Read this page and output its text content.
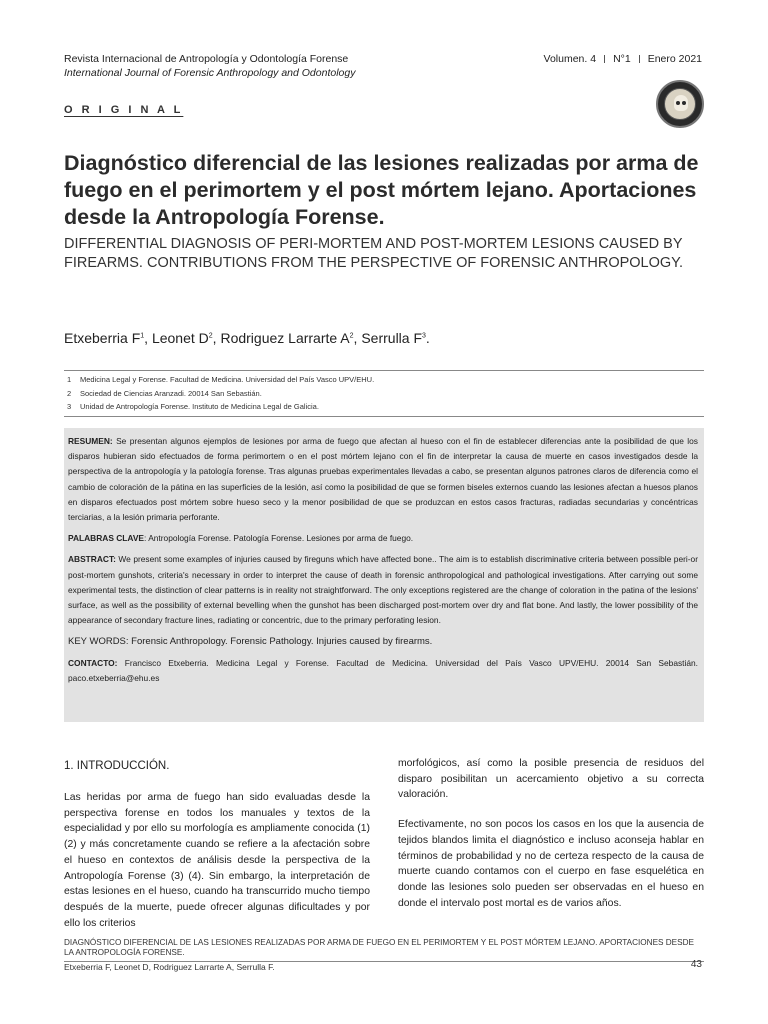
Revista Internacional de Antropología y Odontología Forense
International Journal of Forensic Anthropology and Odontology
Volumen. 4 N°1 Enero 2021
O R I G I N A L
Diagnóstico diferencial de las lesiones realizadas por arma de fuego en el perimortem y el post mórtem lejano. Aportaciones desde la Antropología Forense.
DIFFERENTIAL DIAGNOSIS OF PERI-MORTEM AND POST-MORTEM LESIONS CAUSED BY FIREARMS. CONTRIBUTIONS FROM THE PERSPECTIVE OF FORENSIC ANTHROPOLOGY.
Etxeberria $F^1$, Leonet $D^2$, Rodriguez Larrarte $A^2$, Serrulla $F^3$.
1	Medicina Legal y Forense. Facultad de Medicina. Universidad del País Vasco UPV/EHU.
2	Sociedad de Ciencias Aranzadi. 20014 San Sebastián.
3	Unidad de Antropología Forense. Instituto de Medicina Legal de Galicia.

RESUMEN: Se presentan algunos ejemplos de lesiones por arma de fuego que afectan al hueso con el fin de establecer diferencias ante la posibilidad de que los disparos hubieran sido efectuados de forma perimortem o en el post mórtem lejano con el fin de interpretar la causa de muerte en casos investigados desde la perspectiva de la antropología y la patología forense. Tras algunas pruebas experimentales llevadas a cabo, se presentan algunos patrones claros de diferencia como el cambio de coloración de la pátina en las superficies de la lesión, así como la posibilidad de que se formen biseles externos cuando las lesiones afectan a huesos planos en disparos efectuados post mórtem sobre hueso seco y la menor posibilidad de que se produzcan en estos casos fracturas, radiadas secundarias y concéntricas terciarias, a la lesión primaria perforante.

PALABRAS CLAVE: Antropología Forense. Patología Forense. Lesiones por arma de fuego.

ABSTRACT: We present some examples of injuries caused by fireguns which have affected bone.. The aim is to establish discriminative criteria between possible peri-or post-mortem gunshots, criteria's necessary in order to interpret the cause of death in forensic anthropological and pathological investigations. After carrying out some experimental tests, the distinction of clear patterns is in reality not straightforward. The only exceptions registered are the change of coloration in the patina of the lesions' surface, as well as the possibility of external bevelling when the gunshot has been discharged post-mortem over dry and flat bone. And lastly, the lower possibility of the appearance of secondary fracture lines, radiating or concentric, due to the primary perforating lesion.

KEY WORDS: Forensic Anthropology. Forensic Pathology. Injuries caused by firearms.

CONTACTO: Francisco Etxeberria. Medicina Legal y Forense. Facultad de Medicina. Universidad del País Vasco UPV/EHU. 20014 San Sebastián. paco.etxeberria@ehu.es

1. INTRODUCCIÓN.

Las heridas por arma de fuego han sido evaluadas desde la perspectiva forense en todos los manuales y textos de la especialidad y por ello su morfología es ampliamente conocida (1) (2) y más concretamente cuando se refiere a la afectación sobre el hueso en contextos de análisis desde la perspectiva de la Antropología Forense (3) (4). Sin embargo, la interpretación de estas lesiones en el hueso, cuando ha transcurrido mucho tiempo después de la muerte, puede ofrecer algunas dificultades y por ello los criterios

morfológicos, así como la posible presencia de residuos del disparo posibilitan un acercamiento objetivo a su correcta valoración.

Efectivamente, no son pocos los casos en los que la ausencia de tejidos blandos limita el diagnóstico e incluso aconseja hablar en términos de probabilidad y no de certeza respecto de la causa de muerte cuando contamos con el cuerpo en fase esquelética en donde las lesiones solo pueden ser observadas en el hueso en donde el intervalo post mortal es de varios años.

DIAGNÓSTICO DIFERENCIAL DE LAS LESIONES REALIZADAS POR ARMA DE FUEGO EN EL PERIMORTEM Y EL POST MÓRTEM LEJANO. APORTACIONES DESDE LA ANTROPOLOGÍA FORENSE.
Etxeberria F, Leonet D, Rodriguez Larrarte A, Serrulla F.	43
